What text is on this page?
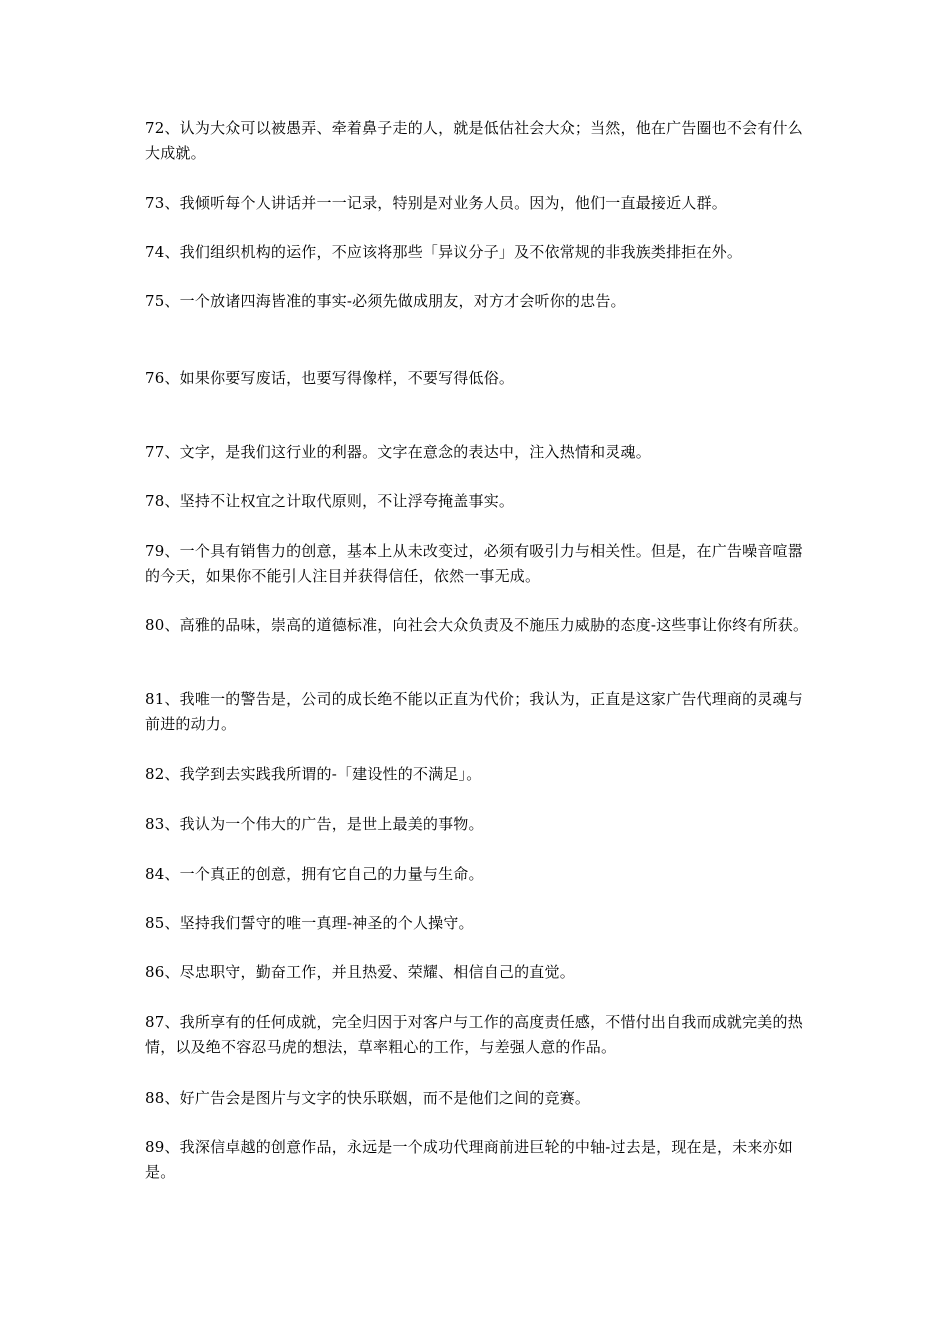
72、认为大众可以被愚弄、牵着鼻子走的人，就是低估社会大众；当然，他在广告圈也不会有什么大成就。

73、我倾听每个人讲话并一一记录，特别是对业务人员。因为，他们一直最接近人群。

74、我们组织机构的运作，不应该将那些「异议分子」及不依常规的非我族类排拒在外。

75、一个放诸四海皆准的事实-必须先做成朋友，对方才会听你的忠告。

76、如果你要写废话，也要写得像样，不要写得低俗。

77、文字，是我们这行业的利器。文字在意念的表达中，注入热情和灵魂。

78、坚持不让权宜之计取代原则，不让浮夸掩盖事实。

79、一个具有销售力的创意，基本上从未改变过，必须有吸引力与相关性。但是，在广告噪音喧嚣的今天，如果你不能引人注目并获得信任，依然一事无成。

80、高雅的品味，崇高的道德标准，向社会大众负责及不施压力威胁的态度-这些事让你终有所获。

81、我唯一的警告是，公司的成长绝不能以正直为代价；我认为，正直是这家广告代理商的灵魂与前进的动力。

82、我学到去实践我所谓的-「建设性的不满足」。

83、我认为一个伟大的广告，是世上最美的事物。

84、一个真正的创意，拥有它自己的力量与生命。

85、坚持我们誓守的唯一真理-神圣的个人操守。

86、尽忠职守，勤奋工作，并且热爱、荣耀、相信自己的直觉。

87、我所享有的任何成就，完全归因于对客户与工作的高度责任感，不惜付出自我而成就完美的热情，以及绝不容忍马虎的想法，草率粗心的工作，与差强人意的作品。

88、好广告会是图片与文字的快乐联姻，而不是他们之间的竞赛。

89、我深信卓越的创意作品，永远是一个成功代理商前进巨轮的中轴-过去是，现在是，未来亦如是。
